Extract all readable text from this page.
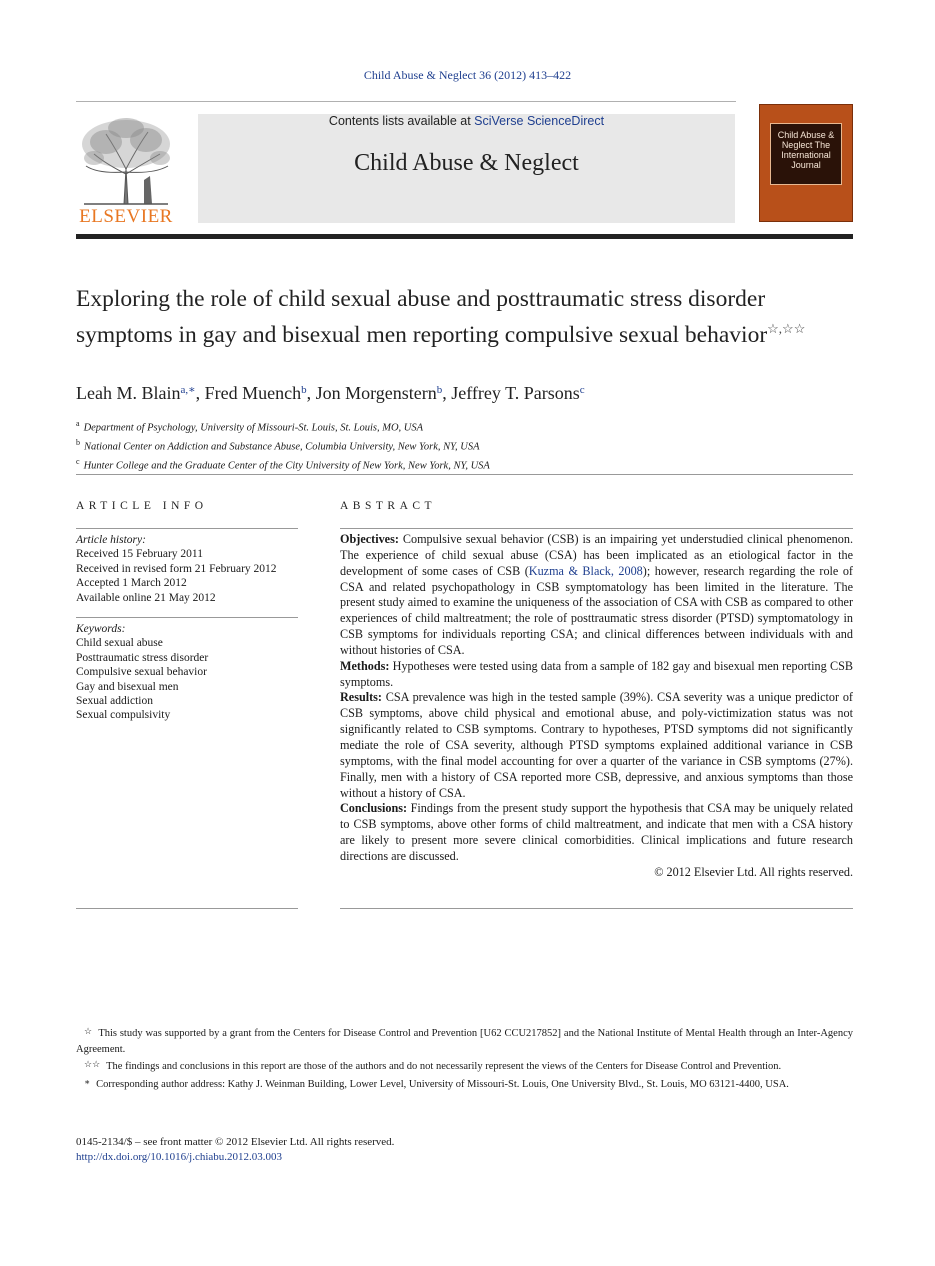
Child Abuse & Neglect 36 (2012) 413–422
ELSEVIER
Contents lists available at SciVerse ScienceDirect
Child Abuse & Neglect
Child Abuse & Neglect The International Journal
Exploring the role of child sexual abuse and posttraumatic stress disorder symptoms in gay and bisexual men reporting compulsive sexual behavior☆,☆☆
Leah M. Blain$^{a,∗}$, Fred Muench$^b$, Jon Morgenstern$^b$, Jeffrey T. Parsons$^c$
$^a$ Department of Psychology, University of Missouri-St. Louis, St. Louis, MO, USA
$^b$ National Center on Addiction and Substance Abuse, Columbia University, New York, NY, USA
$^c$ Hunter College and the Graduate Center of the City University of New York, New York, NY, USA
ARTICLE INFO
Article history:
Received 15 February 2011
Received in revised form 21 February 2012
Accepted 1 March 2012
Available online 21 May 2012
Keywords:
Child sexual abuse
Posttraumatic stress disorder
Compulsive sexual behavior
Gay and bisexual men
Sexual addiction
Sexual compulsivity
ABSTRACT

Objectives: Compulsive sexual behavior (CSB) is an impairing yet understudied clinical phenomenon. The experience of child sexual abuse (CSA) has been implicated as an etiological factor in the development of some cases of CSB (Kuzma & Black, 2008); however, research regarding the role of CSA and related psychopathology in CSB symptomatology has been limited in the literature. The present study aimed to examine the uniqueness of the association of CSA with CSB as compared to other experiences of child maltreatment; the role of posttraumatic stress disorder (PTSD) symptomatology in CSB symptoms for individuals reporting CSA; and clinical differences between individuals with and without histories of CSA.

Methods: Hypotheses were tested using data from a sample of 182 gay and bisexual men reporting CSB symptoms.

Results: CSA prevalence was high in the tested sample (39%). CSA severity was a unique predictor of CSB symptoms, above child physical and emotional abuse, and poly-victimization status was not significantly related to CSB symptoms. Contrary to hypotheses, PTSD symptoms did not significantly mediate the role of CSA severity, although PTSD symptoms explained additional variance in CSB symptoms, with the final model accounting for over a quarter of the variance in CSB symptoms (27%). Finally, men with a history of CSA reported more CSB, depressive, and anxious symptoms than those without a history of CSA.

Conclusions: Findings from the present study support the hypothesis that CSA may be uniquely related to CSB symptoms, above other forms of child maltreatment, and indicate that men with a CSA history are likely to present more severe clinical comorbidities. Clinical implications and future research directions are discussed.

© 2012 Elsevier Ltd. All rights reserved.

☆ This study was supported by a grant from the Centers for Disease Control and Prevention [U62 CCU217852] and the National Institute of Mental Health through an Inter-Agency Agreement.

☆☆ The findings and conclusions in this report are those of the authors and do not necessarily represent the views of the Centers for Disease Control and Prevention.

∗ Corresponding author address: Kathy J. Weinman Building, Lower Level, University of Missouri-St. Louis, One University Blvd., St. Louis, MO 63121-4400, USA.

0145-2134/$ – see front matter © 2012 Elsevier Ltd. All rights reserved.
http://dx.doi.org/10.1016/j.chiabu.2012.03.003
